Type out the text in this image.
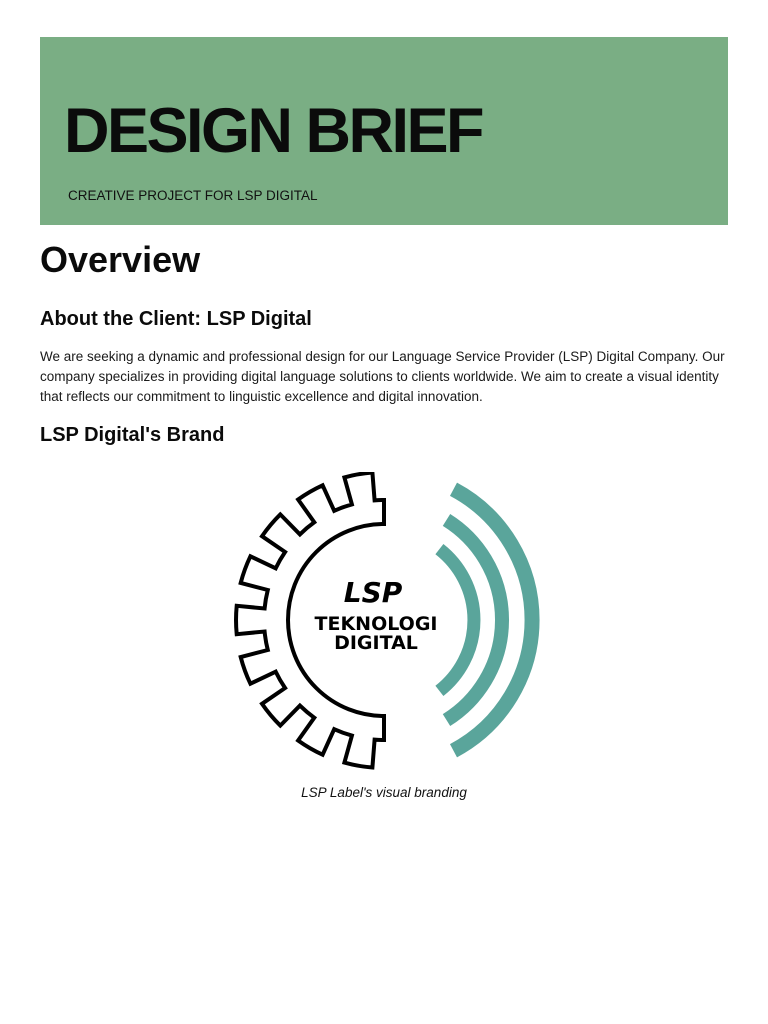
DESIGN BRIEF

CREATIVE PROJECT FOR LSP DIGITAL

Overview
About the Client: LSP Digital

We are seeking a dynamic and professional design for our Language Service Provider (LSP) Digital Company. Our company specializes in providing digital language solutions to clients worldwide. We aim to create a visual identity that reflects our commitment to linguistic excellence and digital innovation.

LSP Digital's Brand
LSP
TEKNOLOGI
DIGITAL

LSP Label's visual branding
